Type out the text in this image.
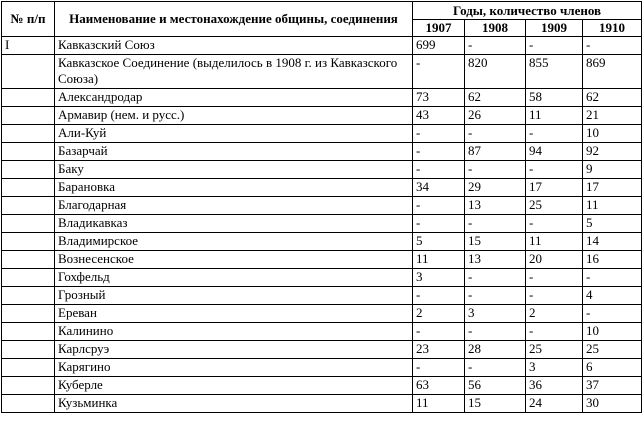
№ п/п	Наименование и местонахождение общины, соединения	Годы, количество членов			
		1907	1908	1909	1910
I	Кавказский Союз	699	-	-	-
	Кавказское Соединение (выделилось в 1908 г. из Кавказского Союза)	-	820	855	869
	Александродар	73	62	58	62
	Армавир (нем. и русс.)	43	26	11	21
	Али-Куй	-	-	-	10
	Базарчай	-	87	94	92
	Баку	-	-	-	9
	Барановка	34	29	17	17
	Благодарная	-	13	25	11
	Владикавказ	-	-	-	5
	Владимирское	5	15	11	14
	Вознесенское	11	13	20	16
	Гохфельд	3	-	-	-
	Грозный	-	-	-	4
	Ереван	2	3	2	-
	Калинино	-	-	-	10
	Карлсруэ	23	28	25	25
	Карягино	-	-	3	6
	Куберле	63	56	36	37
	Кузьминка	11	15	24	30
